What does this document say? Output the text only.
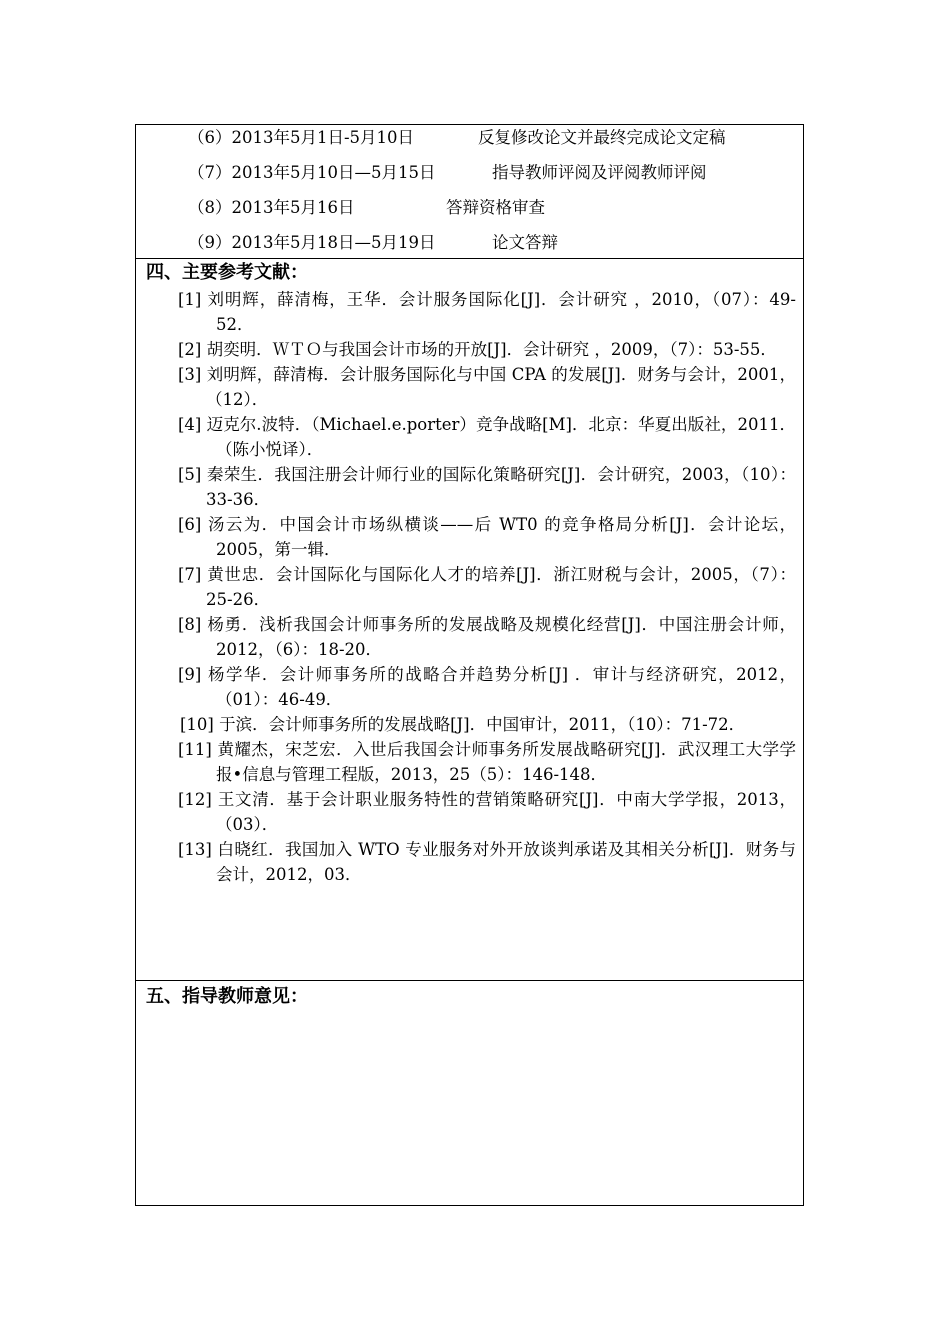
（6）2013年5月1日-5月10日	反复修改论文并最终完成论文定稿
（7）2013年5月10日—5月15日	指导教师评阅及评阅教师评阅
（8）2013年5月16日	答辩资格审查
（9）2013年5月18日—5月19日	论文答辩
四、主要参考文献：
[1] 刘明辉，薛清梅，王华．会计服务国际化[J]．会计研究 ，2010，（07）：49-52．
[2] 胡奕明．ＷＴＯ与我国会计市场的开放[J]．会计研究 ，2009，（7）：53-55．
[3] 刘明辉，薛清梅．会计服务国际化与中国 CPA 的发展[J]．财务与会计，2001，（12）．
[4] 迈克尔.波特．（Michael.e.porter）竞争战略[M]．北京：华夏出版社，2011．（陈小悦译）．
[5] 秦荣生．我国注册会计师行业的国际化策略研究[J]．会计研究，2003，（10）：33-36．
[6] 汤云为．中国会计市场纵横谈——后 WT0 的竞争格局分析[J]．会计论坛，2005，第一辑．
[7] 黄世忠．会计国际化与国际化人才的培养[J]．浙江财税与会计，2005，（7）：25-26．
[8] 杨勇．浅析我国会计师事务所的发展战略及规模化经营[J]．中国注册会计师，2012，（6）：18-20．
[9] 杨学华．会计师事务所的战略合并趋势分析[J] ．审计与经济研究，2012，（01）：46-49．
[10] 于滨．会计师事务所的发展战略[J]．中国审计，2011，（10）：71-72．
[11] 黄耀杰，宋芝宏．入世后我国会计师事务所发展战略研究[J]．武汉理工大学学报•信息与管理工程版，2013，25（5）：146-148．
[12] 王文清．基于会计职业服务特性的营销策略研究[J]．中南大学学报，2013，（03）．
[13] 白晓红．我国加入 WTO 专业服务对外开放谈判承诺及其相关分析[J]．财务与会计，2012，03．
五、指导教师意见：
